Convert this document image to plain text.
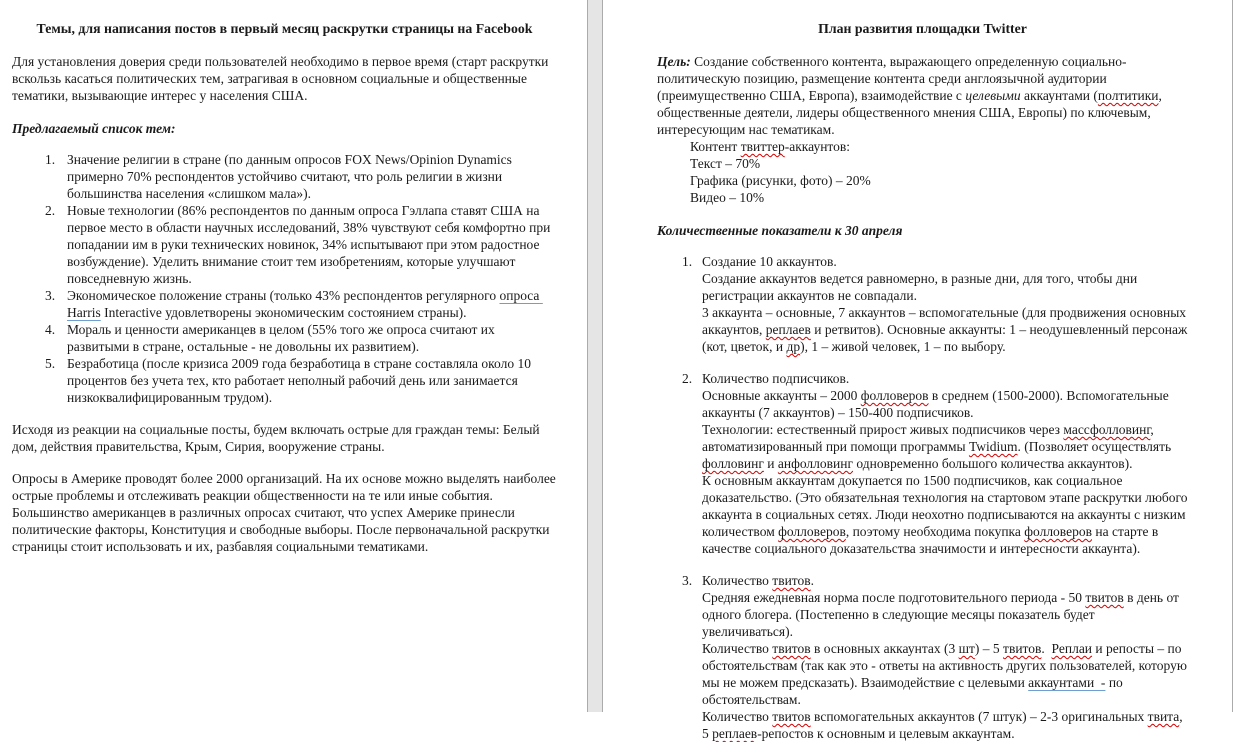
Темы, для написания постов в первый месяц раскрутки страницы на Facebook
Для установления доверия среди пользователей необходимо в первое время (старт раскрутки вскользь касаться политических тем, затрагивая в основном социальные и общественные тематики, вызывающие интерес у населения США.
Предлагаемый список тем:
1. Значение религии в стране (по данным опросов FOX News/Opinion Dynamics примерно 70% респондентов устойчиво считают, что роль религии в жизни большинства населения «слишком мала»).
2. Новые технологии (86% респондентов по данным опроса Гэллапа ставят США на первое место в области научных исследований, 38% чувствуют себя комфортно при попадании им в руки технических новинок, 34% испытывают при этом радостное возбуждение). Уделить внимание стоит тем изобретениям, которые улучшают повседневную жизнь.
3. Экономическое положение страны (только 43% респондентов регулярного опроса Harris Interactive удовлетворены экономическим состоянием страны).
4. Мораль и ценности американцев в целом (55% того же опроса считают их развитыми в стране, остальные - не довольны их развитием).
5. Безработица (после кризиса 2009 года безработица в стране составляла около 10 процентов без учета тех, кто работает неполный рабочий день или занимается низкоквалифицированным трудом).
Исходя из реакции на социальные посты, будем включать острые для граждан темы: Белый дом, действия правительства, Крым, Сирия, вооружение страны.
Опросы в Америке проводят более 2000 организаций. На их основе можно выделять наиболее острые проблемы и отслеживать реакции общественности на те или иные события. Большинство американцев в различных опросах считают, что успех Америке принесли политические факторы, Конституция и свободные выборы. После первоначальной раскрутки страницы стоит использовать и их, разбавляя социальными тематиками.
План развития площадки Twitter
Цель: Создание собственного контента, выражающего определенную социально-политическую позицию, размещение контента среди англоязычной аудитории (преимущественно США, Европа), взаимодействие с целевыми аккаунтами (полтитики, общественные деятели, лидеры общественного мнения США, Европы) по ключевым, интересующим нас тематикам.
Контент твиттер-аккаунтов:
Текст – 70%
Графика (рисунки, фото) – 20%
Видео – 10%
Количественные показатели к 30 апреля
1. Создание 10 аккаунтов.
Создание аккаунтов ведется равномерно, в разные дни, для того, чтобы дни регистрации аккаунтов не совпадали.
3 аккаунта – основные, 7 аккаунтов – вспомогательные (для продвижения основных аккаунтов, реплаев и ретвитов). Основные аккаунты: 1 – неодушевленный персонаж (кот, цветок, и др), 1 – живой человек, 1 – по выбору.
2. Количество подписчиков.
Основные аккаунты – 2000 фолловеров в среднем (1500-2000). Вспомогательные аккаунты (7 аккаунтов) – 150-400 подписчиков.
Технологии: естественный прирост живых подписчиков через массфолловинг, автоматизированный при помощи программы Twidium. (Позволяет осуществлять фолловинг и анфолловинг одновременно большого количества аккаунтов).
К основным аккаунтам докупается по 1500 подписчиков, как социальное доказательство. (Это обязательная технология на стартовом этапе раскрутки любого аккаунта в социальных сетях. Люди неохотно подписываются на аккаунты с низким количеством фолловеров, поэтому необходима покупка фолловеров на старте в качестве социального доказательства значимости и интересности аккаунта).
3. Количество твитов.
Средняя ежедневная норма после подготовительного периода - 50 твитов в день от одного блогера. (Постепенно в следующие месяцы показатель будет увеличиваться).
Количество твитов в основных аккаунтах (3 шт) – 5 твитов.  Реплаи и репосты – по обстоятельствам (так как это - ответы на активность других пользователей, которую мы не можем предсказать). Взаимодействие с целевыми аккаунтами  - по обстоятельствам.
Количество твитов вспомогательных аккаунтов (7 штук) – 2-3 оригинальных твита, 5 реплаев-репостов к основным и целевым аккаунтам.
